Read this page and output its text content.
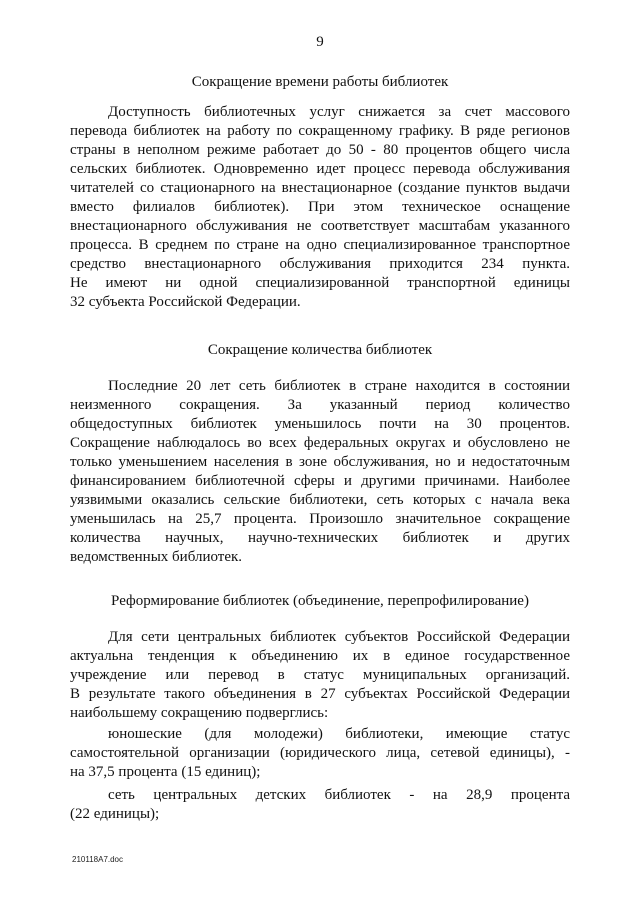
9
Сокращение времени работы библиотек
Доступность библиотечных услуг снижается за счет массового
перевода библиотек на работу по сокращенному графику. В ряде регионов
страны в неполном режиме работает до 50 - 80 процентов общего числа
сельских библиотек. Одновременно идет процесс перевода обслуживания
читателей со стационарного на внестационарное (создание пунктов выдачи
вместо филиалов библиотек). При этом техническое оснащение
внестационарного обслуживания не соответствует масштабам указанного
процесса. В среднем по стране на одно специализированное транспортное
средство внестационарного обслуживания приходится 234 пункта.
Не имеют ни одной специализированной транспортной единицы
32 субъекта Российской Федерации.
Сокращение количества библиотек
Последние 20 лет сеть библиотек в стране находится в состоянии
неизменного сокращения. За указанный период количество
общедоступных библиотек уменьшилось почти на 30 процентов.
Сокращение наблюдалось во всех федеральных округах и обусловлено не
только уменьшением населения в зоне обслуживания, но и недостаточным
финансированием библиотечной сферы и другими причинами. Наиболее
уязвимыми оказались сельские библиотеки, сеть которых с начала века
уменьшилась на 25,7 процента. Произошло значительное сокращение
количества научных, научно-технических библиотек и других
ведомственных библиотек.
Реформирование библиотек (объединение, перепрофилирование)
Для сети центральных библиотек субъектов Российской Федерации
актуальна тенденция к объединению их в единое государственное
учреждение или перевод в статус муниципальных организаций.
В результате такого объединения в 27 субъектах Российской Федерации
наибольшему сокращению подверглись:
юношеские (для молодежи) библиотеки, имеющие статус
самостоятельной организации (юридического лица, сетевой единицы), -
на 37,5 процента (15 единиц);
сеть центральных детских библиотек - на 28,9 процента
(22 единицы);
210118A7.doc
